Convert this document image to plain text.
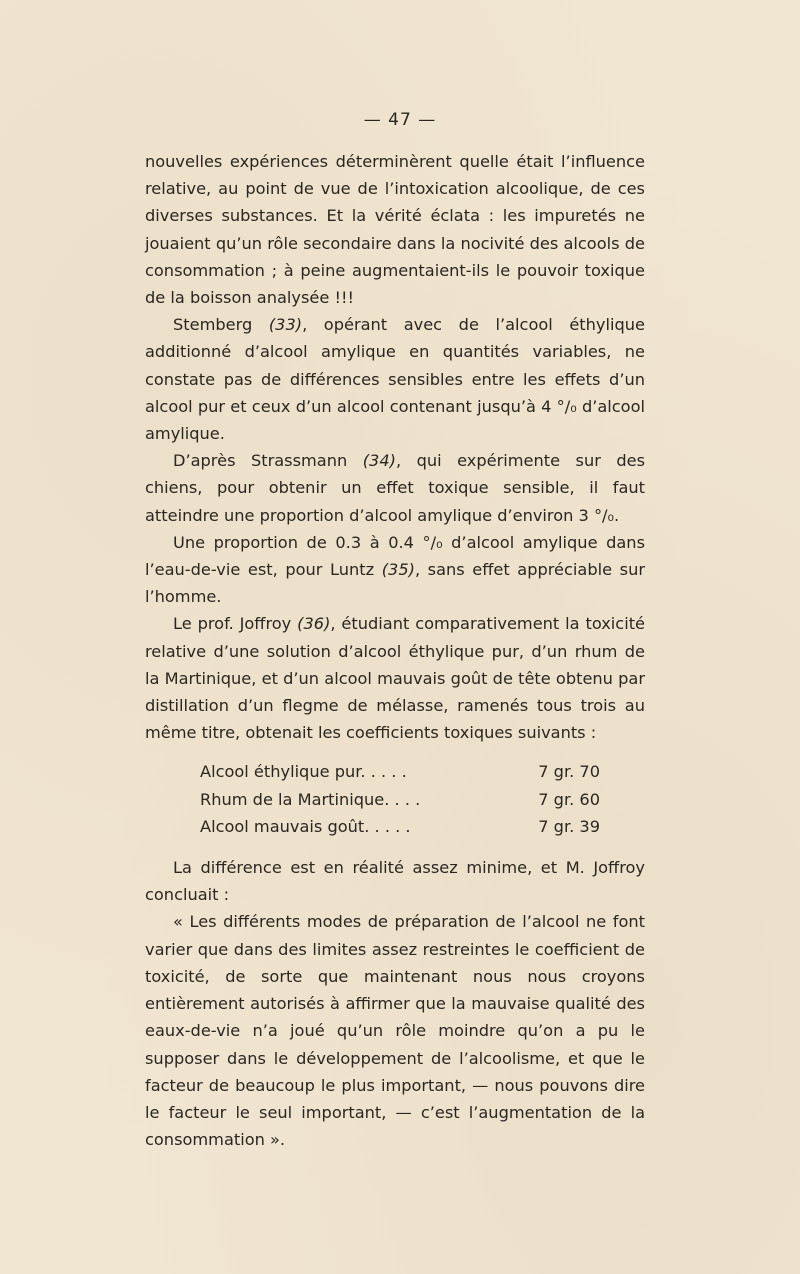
— 47 —

nouvelles expériences déterminèrent quelle était l’influence relative, au point de vue de l’intoxication alcoolique, de ces diverses substances. Et la vérité éclata : les impuretés ne jouaient qu’un rôle secondaire dans la nocivité des alcools de consommation ; à peine augmentaient-ils le pouvoir toxique de la boisson analysée !!!

Stemberg (33), opérant avec de l’alcool éthylique additionné d’alcool amylique en quantités variables, ne constate pas de différences sensibles entre les effets d’un alcool pur et ceux d’un alcool contenant jusqu’à 4 °/₀ d’alcool amylique.

D’après Strassmann (34), qui expérimente sur des chiens, pour obtenir un effet toxique sensible, il faut atteindre une proportion d’alcool amylique d’environ 3 °/₀.

Une proportion de 0.3 à 0.4 °/₀ d’alcool amylique dans l’eau-de-vie est, pour Luntz (35), sans effet appréciable sur l’homme.

Le prof. Joffroy (36), étudiant comparativement la toxicité relative d’une solution d’alcool éthylique pur, d’un rhum de la Martinique, et d’un alcool mauvais goût de tête obtenu par distillation d’un flegme de mélasse, ramenés tous trois au même titre, obtenait les coefficients toxiques suivants :

Alcool éthylique pur. . . . .	7 gr. 70
Rhum de la Martinique. . . .	7 gr. 60
Alcool mauvais goût. . . . .	7 gr. 39

La différence est en réalité assez minime, et M. Joffroy concluait :

« Les différents modes de préparation de l’alcool ne font varier que dans des limites assez restreintes le coefficient de toxicité, de sorte que maintenant nous nous croyons entièrement autorisés à affirmer que la mauvaise qualité des eaux-de-vie n’a joué qu’un rôle moindre qu’on a pu le supposer dans le développement de l’alcoolisme, et que le facteur de beaucoup le plus important, — nous pouvons dire le facteur le seul important, — c’est l’augmentation de la consommation ».
